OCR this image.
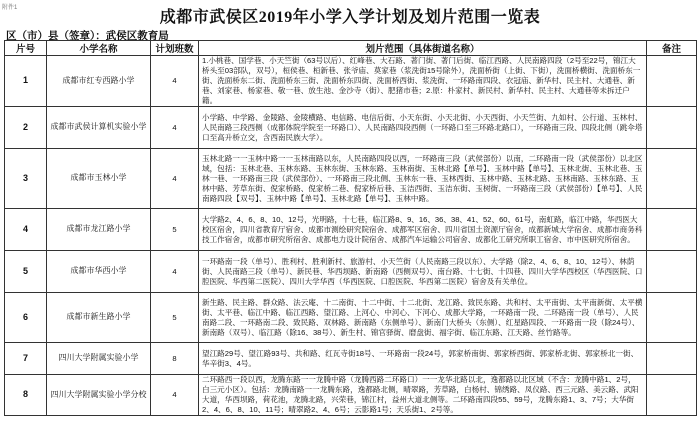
附件1
成都市武侯区2019年小学入学计划及划片范围一览表
区（市）县（签章）：武侯区教育局
片号	小学名称	计划班数	划片范围（具体街道名称）	备注
1	成都市红专西路小学	4	1.小桃巷、国学巷、小天竺街（63号以后）、红峰巷、大石路、著门街、著门后街、临江西路、人民南路四段（2号至22号，锦江大桥头至03部队，双号），桓侯巷、桓新巷、张爷庙、莫家巷（浆洗街15号除外），洗面桥街（上街、下街），洗面桥横街、洗面桥东一街、洗面桥东二街、洗面桥东三街、洗面桥东四街、洗面桥西街、浆洗街、一环路南四段、衣冠庙、新华村、民主村、大通巷、新巷、刘家巷、杨家巷、敬一巷、放生池、金沙寺（街）、肥猪市巷；2.原：朴家村、新民村、新华村、民主村、大通巷等未拆迁户籍。	
2	成都市武侯计算机实验小学	4	小学路、中学路、金陵路、金陵横路、电信路、电信后街、小天东街、小天北街、小天西街、小天竺街、九如村、公行道、玉林村、人民南路三段西侧（成都体院学院至一环路口）、人民南路四段西侧（一环路口至三环路北路口），一环路南三段、四段北侧（跳伞塔口至高升桥立交，含西南民族大学）。	
3	成都市玉林小学	4	玉林北路一一玉林中路一一玉林南路以东，人民南路四段以西，一环路南三段（武侯部份）以南，二环路南一段（武侯部份）以北区域，包括：玉林北巷、玉林东路、玉林东街、玉林东路、玉林南街、玉林北路【单号】、玉林中路【单号】、玉林北街、玉林北巷、玉林一巷、一环路南三段（武侯部份）、一环路南三段北侧、玉林东一巷、玉林西街、玉林中路、玉林北路、玉林南路、玉林东路、玉林中路、芳草东街、倪家桥路、倪家桥二巷、倪家桥后巷、玉洁西街、玉洁东街、玉树街、一环路南三段（武侯部份）【单号】、人民南路四段【双号】、玉林中路【单号】、玉林北路【单号】、玉林中路。	
4	成都市龙江路小学	5	大学路2、4、6、8、10、12号，光明路，十七巷，临江路8、9、16、36、38、41、52、60、61号，南虹路，临江中路，华西医大校区宿舍，四川省教育厅宿舍、成都市测绘研究院宿舍、成都军区宿舍、四川省国土资源厅宿舍，成都新城大学宿舍、成都市商务科技工作宿舍，成都市研究所宿舍、成都电力设计院宿舍、成都汽车运输公司宿舍、成都化工研究所职工宿舍、市中医研究所宿舍。	
5	成都市华西小学	4	一环路南一段（单号）、胜利村、胜利新村、旅游村、小天竺街（人民南路三段以东）、大学路（除2、4、6、8、10、12号）、林荫街、人民南路三段（单号）、新民巷、华西坝路、新南路（西侧双号）、南台路、十七街、十四巷、四川大学华西校区（华西医院、口腔医院、华西第二医院）、四川大学华西（华西医院、口腔医院、华西第二医院）宿舍及有关单位。	
6	成都市新生路小学	5	新生路、民主路、群众路、法云庵、十二南街、十二中街、十二北街、龙江路、致民东路、共和村、太平南街、太平南新街、太平横街、太平巷、临江中路、临江西路、望江路、上河心、中河心、下河心、成都大学路，一环路南一段、二环路南一段（单号）、人民南路二段、一环路南二段、致民路、双林路、新南路（东侧单号）、新南门大桥头（东侧）、红星路四段、一环路南一段（除24号）、新南路（双号）、临江路（除16、38号）、新生村、锦官驿街、磨盘街、福字街、临江东路、江天路、丝竹路等。	
7	四川大学附属实验小学	8	望江路29号、望江路93号、共和路、红瓦寺街18号、一环路南一段24号，郭家桥南街、郭家桥西街、郭家桥北街、郭家桥北一街、华辛街3、4号。	
8	四川大学附属实验小学分校	4	二环路西一段以西，龙腾东路一一龙腾中路（龙腾西路二环路口）一一龙华北路以北，逸都路以北区域（不含：龙腾中路1、2号，白三元小区）。包括：龙腾南路一一龙腾东路，逸都路北侧，晴翠路，芳草路，白杨村、锦绣路、凤仪路、西三元路、美云路、武阳大道，华西坝路，荷花池，龙腾北路，兴荣巷，锦江村，益州大道北侧等。二环路南四段55、59号，龙腾东路1、3、7号；大华街2、4、6、8、10、11号；晴翠路2、4、6号；云影路1号；天乐街1、2号等。	
